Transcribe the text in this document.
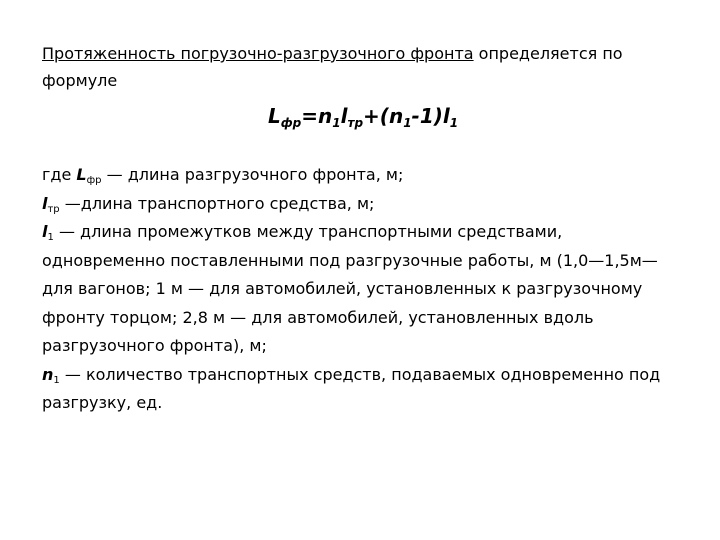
Протяженность погрузочно-разгрузочного фронта определяется по формуле

$L_{фр}=n_1l_{тр}+(n_1-1)l_1$
где $L_{фр}$ — длина разгрузочного фронта, м;
$l_{тр}$ —длина транспортного средства, м;
$l_1$ — длина промежутков между транспортными средствами,
одновременно поставленными под разгрузочные работы, м (1,0—1,5м—
для вагонов; 1 м — для автомобилей, установленных к разгрузочному
фронту торцом; 2,8 м — для автомобилей, установленных вдоль
разгрузочного фронта), м;
$n_1$ — количество транспортных средств, подаваемых одновременно под
разгрузку, ед.
